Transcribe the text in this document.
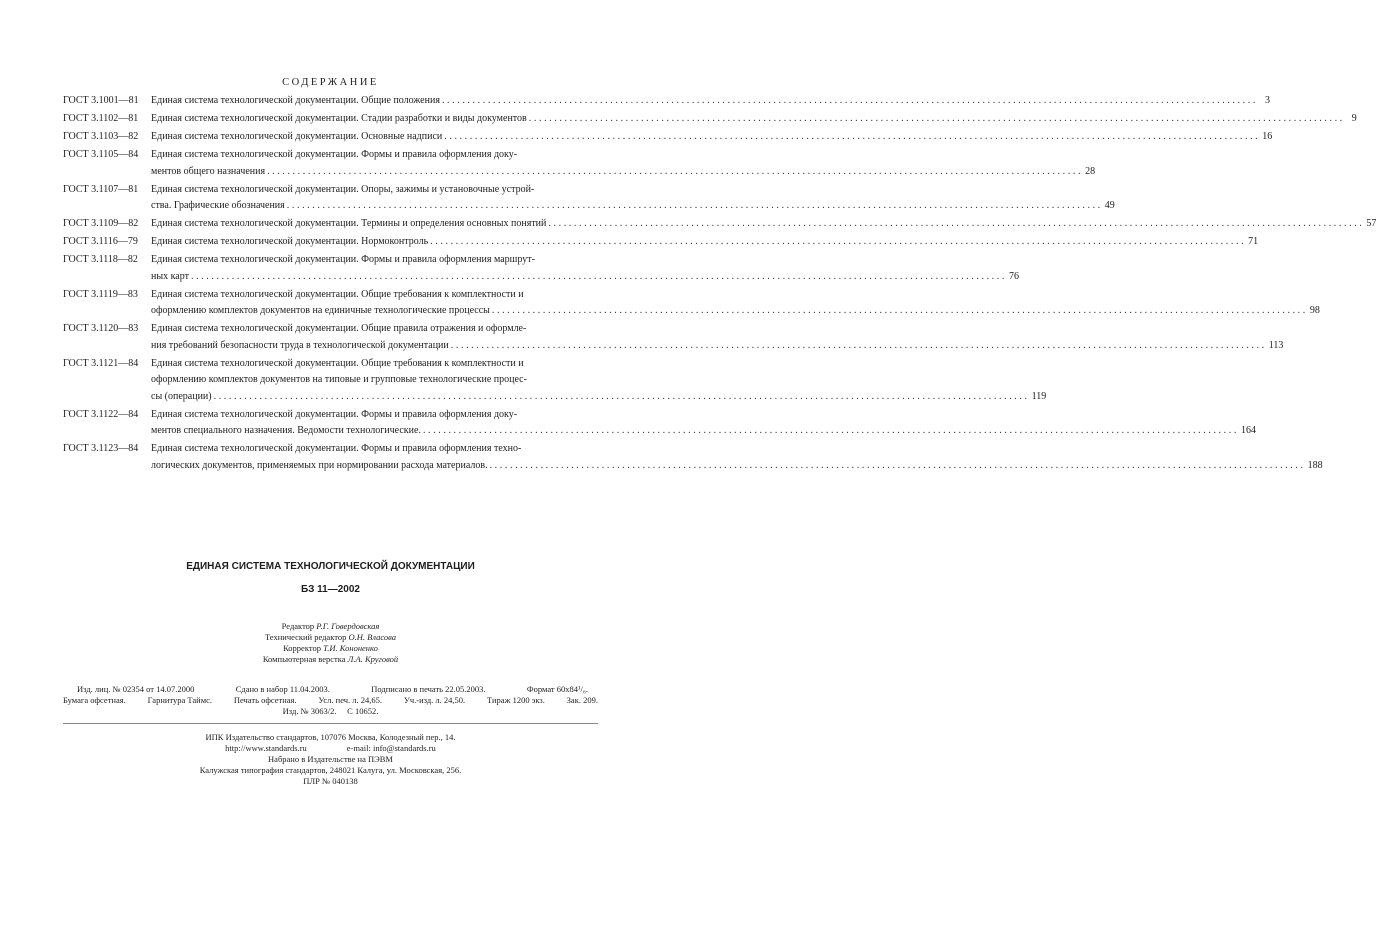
СОДЕРЖАНИЕ
ГОСТ 3.1001—81	Единая система технологической документации. Общие положения ................................................................................................................................................................ 3
ГОСТ 3.1102—81	Единая система технологической документации. Стадии разработки и виды документов ................................................................................................................................................................ 9
ГОСТ 3.1103—82	Единая система технологической документации. Основные надписи ................................................................................................................................................................ 16
ГОСТ 3.1105—84	Единая система технологической документации. Формы и правила оформления доку-
ментов общего назначения ................................................................................................................................................................ 28
ГОСТ 3.1107—81	Единая система технологической документации. Опоры, зажимы и установочные устрой-
ства. Графические обозначения ................................................................................................................................................................ 49
ГОСТ 3.1109—82	Единая система технологической документации. Термины и определения основных понятий ................................................................................................................................................................ 57
ГОСТ 3.1116—79	Единая система технологической документации. Нормоконтроль ................................................................................................................................................................ 71
ГОСТ 3.1118—82	Единая система технологической документации. Формы и правила оформления маршрут-
ных карт ................................................................................................................................................................ 76
ГОСТ 3.1119—83	Единая система технологической документации. Общие требования к комплектности и
оформлению комплектов документов на единичные технологические процессы ................................................................................................................................................................ 98
ГОСТ 3.1120—83	Единая система технологической документации. Общие правила отражения и оформле-
ния требований безопасности труда в технологической документации ................................................................................................................................................................ 113
ГОСТ 3.1121—84	Единая система технологической документации. Общие требования к комплектности и
оформлению комплектов документов на типовые и групповые технологические процес-
сы (операции) ................................................................................................................................................................ 119
ГОСТ 3.1122—84	Единая система технологической документации. Формы и правила оформления доку-
ментов специального назначения. Ведомости технологические. ................................................................................................................................................................ 164
ГОСТ 3.1123—84	Единая система технологической документации. Формы и правила оформления техно-
логических документов, применяемых при нормировании расхода материалов. ................................................................................................................................................................ 188
ЕДИНАЯ СИСТЕМА ТЕХНОЛОГИЧЕСКОЙ ДОКУМЕНТАЦИИ
БЗ 11—2002
Редактор Р.Г. Говердовская
Технический редактор О.Н. Власова
Корректор Т.И. Кононенко
Компьютерная верстка Л.А. Круговой
Изд. лиц. № 02354 от 14.07.2000	Сдано в набор 11.04.2003.	Подписано в печать 22.05.2003.	Формат 60x84¹/₈.
Бумага офсетная.	Гарнитура Таймс.	Печать офсетная.	Усл. печ. л. 24,65.	Уч.-изд. л. 24,50.	Тираж 1200 экз.	Зак. 209.
Изд. № 3063/2. С 10652.
ИПК Издательство стандартов, 107076 Москва, Колодезный пер., 14.
http://www.standards.ru	e-mail: info@standards.ru
Набрано в Издательстве на ПЭВМ
Калужская типография стандартов, 248021 Калуга, ул. Московская, 256.
ПЛР № 040138
